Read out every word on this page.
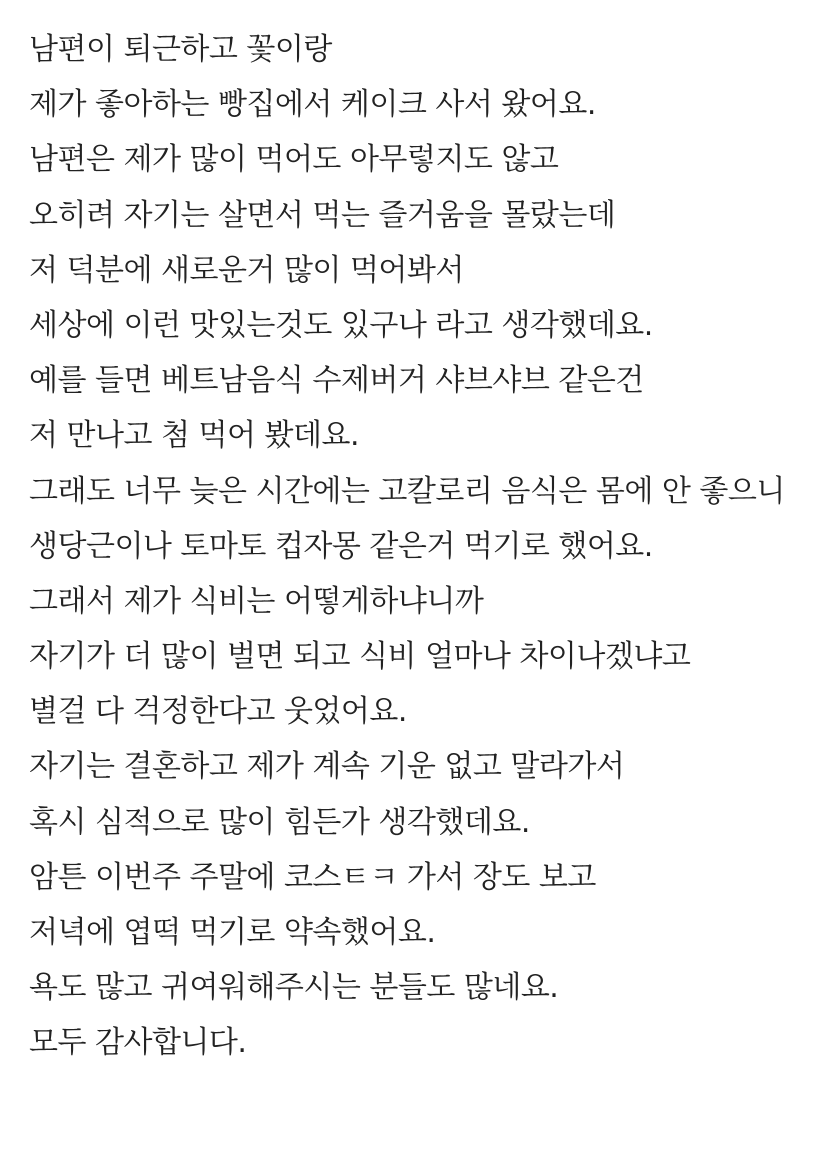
남편이 퇴근하고 꽃이랑
제가 좋아하는 빵집에서 케이크 사서 왔어요.
남편은 제가 많이 먹어도 아무렇지도 않고
오히려 자기는 살면서 먹는 즐거움을 몰랐는데
저 덕분에 새로운거 많이 먹어봐서
세상에 이런 맛있는것도 있구나 라고 생각했데요.
예를 들면 베트남음식 수제버거 샤브샤브 같은건
저 만나고 첨 먹어 봤데요.
그래도 너무 늦은 시간에는 고칼로리 음식은 몸에 안 좋으니
생당근이나 토마토 컵자몽 같은거 먹기로 했어요.
그래서 제가 식비는 어떻게하냐니까
자기가 더 많이 벌면 되고 식비 얼마나 차이나겠냐고
별걸 다 걱정한다고 웃었어요.
자기는 결혼하고 제가 계속 기운 없고 말라가서
혹시 심적으로 많이 힘든가 생각했데요.
암튼 이번주 주말에 코스ㅌㅋ 가서 장도 보고
저녁에 엽떡 먹기로 약속했어요.
욕도 많고 귀여워해주시는 분들도 많네요.
모두 감사합니다.
